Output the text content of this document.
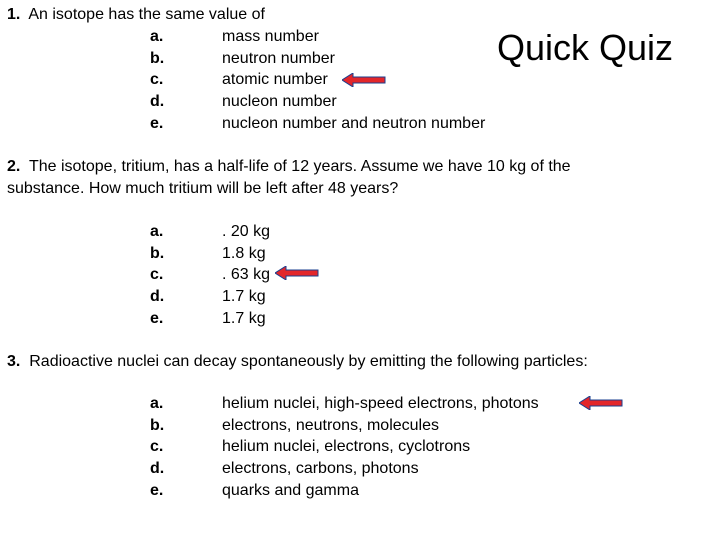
Quick Quiz
1. An isotope has the same value of
a.	mass number
b.	neutron number
c.	atomic number
d.	nucleon number
e.	nucleon number and neutron number
2. The isotope, tritium, has a half-life of 12 years. Assume we have 10 kg of the
substance. How much tritium will be left after 48 years?
a.	. 20 kg
b.	1.8 kg
c.	. 63 kg
d.	1.7 kg
e.	1.7 kg
3. Radioactive nuclei can decay spontaneously by emitting the following particles:
a.	helium nuclei, high-speed electrons, photons
b.	electrons, neutrons, molecules
c.	helium nuclei, electrons, cyclotrons
d.	electrons, carbons, photons
e.	quarks and gamma
